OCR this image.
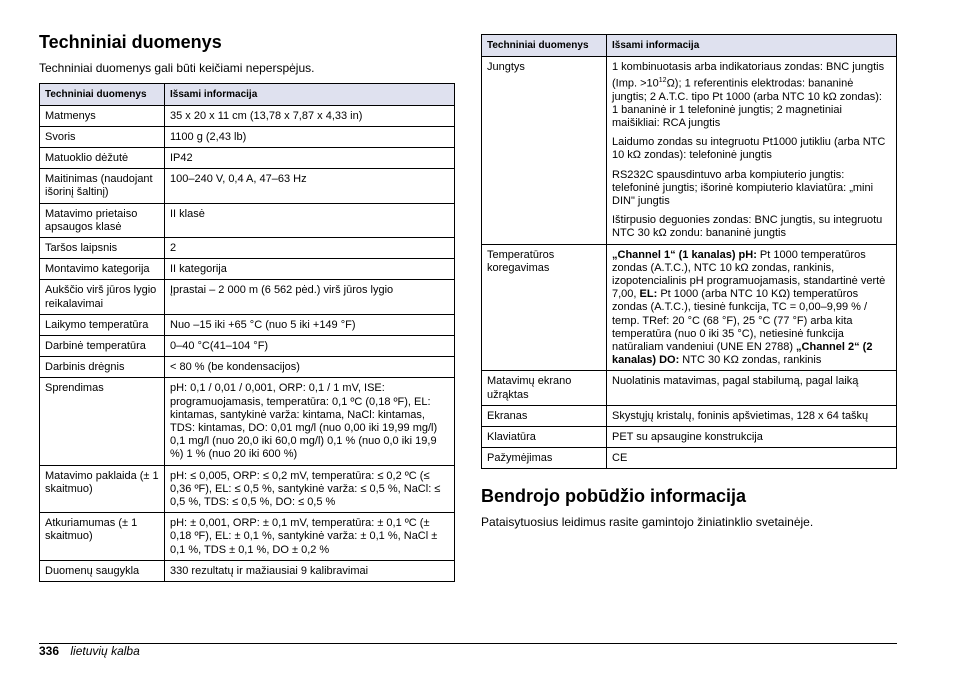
Techniniai duomenys

Techniniai duomenys gali būti keičiami neperspėjus.

Techniniai duomenys	Išsami informacija
Matmenys	35 x 20 x 11 cm (13,78 x 7,87 x 4,33 in)
Svoris	1100 g (2,43 lb)
Matuoklio dėžutė	IP42
Maitinimas (naudojant išorinį šaltinį)	100–240 V, 0,4 A, 47–63 Hz
Matavimo prietaiso apsaugos klasė	II klasė
Taršos laipsnis	2
Montavimo kategorija	II kategorija
Aukščio virš jūros lygio reikalavimai	Įprastai – 2 000 m (6 562 pėd.) virš jūros lygio
Laikymo temperatūra	Nuo –15 iki +65 °C (nuo 5 iki +149 °F)
Darbinė temperatūra	0–40 °C(41–104 °F)
Darbinis drėgnis	< 80 % (be kondensacijos)
Sprendimas	pH: 0,1 / 0,01 / 0,001, ORP: 0,1 / 1 mV, ISE: programuojamasis, temperatūra: 0,1 ºC (0,18 ºF), EL: kintamas, santykinė varža: kintama, NaCl: kintamas, TDS: kintamas, DO: 0,01 mg/l (nuo 0,00 iki 19,99 mg/l) 0,1 mg/l (nuo 20,0 iki 60,0 mg/l) 0,1 % (nuo 0,0 iki 19,9 %) 1 % (nuo 20 iki 600 %)
Matavimo paklaida (± 1 skaitmuo)	pH: ≤ 0,005, ORP: ≤ 0,2 mV, temperatūra: ≤ 0,2 ºC (≤ 0,36 ºF), EL: ≤ 0,5 %, santykinė varža: ≤ 0,5 %, NaCl: ≤ 0,5 %, TDS: ≤ 0,5 %, DO: ≤ 0,5 %
Atkuriamumas (± 1 skaitmuo)	pH: ± 0,001, ORP: ± 0,1 mV, temperatūra: ± 0,1 ºC (± 0,18 ºF), EL: ± 0,1 %, santykinė varža: ± 0,1 %, NaCl ± 0,1 %, TDS ± 0,1 %, DO ± 0,2 %
Duomenų saugykla	330 rezultatų ir mažiausiai 9 kalibravimai
Techniniai duomenys	Išsami informacija
Jungtys	1 kombinuotasis arba indikatoriaus zondas: BNC jungtis (Imp. $>10^{12}\Omega$); 1 referentinis elektrodas: bananinė jungtis; 2 A.T.C. tipo Pt 1000 (arba NTC 10 kΩ zondas): 1 bananinė ir 1 telefoninė jungtis; 2 magnetiniai maišikliai: RCA jungtis

Laidumo zondas su integruotu Pt1000 jutikliu (arba NTC 10 kΩ zondas): telefoninė jungtis

RS232C spausdintuvo arba kompiuterio jungtis: telefoninė jungtis; išorinė kompiuterio klaviatūra: „mini DIN" jungtis

Ištirpusio deguonies zondas: BNC jungtis, su integruotu NTC 30 kΩ zondu: bananinė jungtis

Temperatūros koregavimas	„Channel 1“ (1 kanalas) pH: Pt 1000 temperatūros zondas (A.T.C.), NTC 10 kΩ zondas, rankinis, izopotencialinis pH programuojamasis, standartinė vertė 7,00, EL: Pt 1000 (arba NTC 10 KΩ) temperatūros zondas (A.T.C.), tiesinė funkcija, TC = 0,00–9,99 % / temp. TRef: 20 °C (68 °F), 25 °C (77 °F) arba kita temperatūra (nuo 0 iki 35 °C), netiesinė funkcija natūraliam vandeniui (UNE EN 2788) „Channel 2“ (2 kanalas) DO: NTC 30 KΩ zondas, rankinis
Matavimų ekrano užrąktas	Nuolatinis matavimas, pagal stabilumą, pagal laiką
Ekranas	Skystųjų kristalų, foninis apšvietimas, 128 x 64 taškų
Klaviatūra	PET su apsaugine konstrukcija
Pažymėjimas	CE
Bendrojo pobūdžio informacija

Pataisytuosius leidimus rasite gamintojo žiniatinklio svetainėje.

336 lietuvių kalba
